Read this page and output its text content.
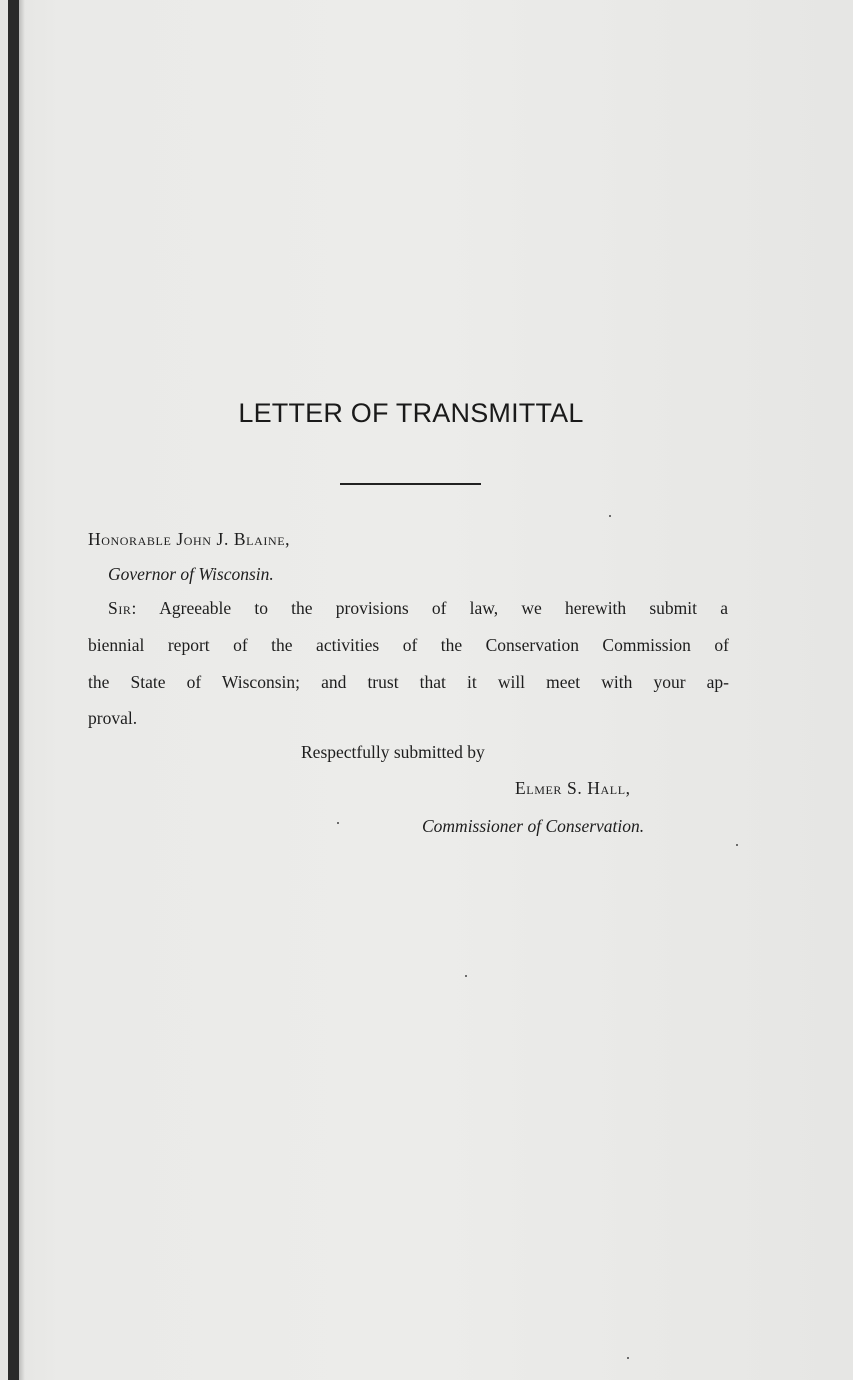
LETTER OF TRANSMITTAL
Honorable John J. Blaine,
Governor of Wisconsin.
Sir: Agreeable to the provisions of law, we herewith submit a
biennial report of the activities of the Conservation Commission of
the State of Wisconsin; and trust that it will meet with your ap-
proval.
Respectfully submitted by
Elmer S. Hall,
Commissioner of Conservation.
